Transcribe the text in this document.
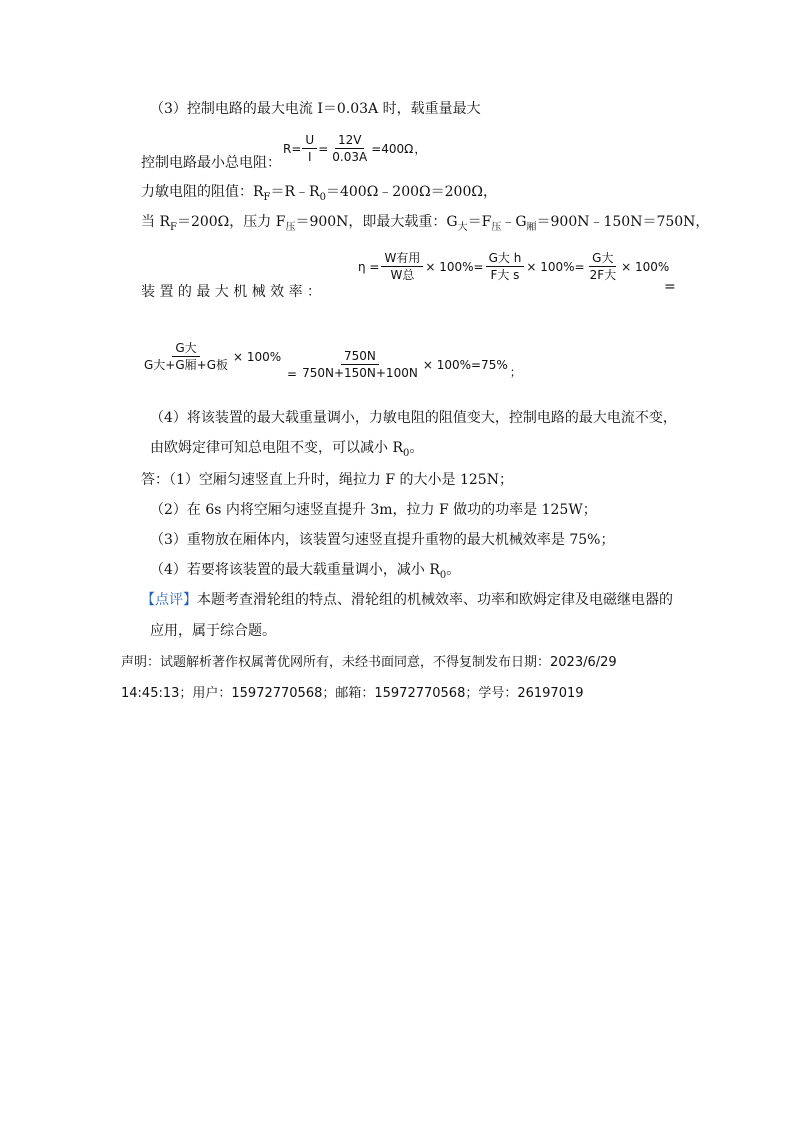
（3）控制电路的最大电流 I＝0.03A 时，载重量最大
控制电路最小总电阻：
$R= \frac{U}{I} = \frac{12V}{0.03A} =400\Omega$ ，
力敏电阻的阻值：$R_F=R﹣R_0=400\Omega﹣200\Omega=200\Omega$，
当 $R_F=200\Omega$，压力 $F_压=900N$，即最大载重：$G_大=F_压﹣G_厢=900N﹣150N=750N$，
装 置 的 最 大 机 械 效 率 ：
$\eta = \frac{\text{W有用}}{\text{W总}} \times 100\%= \frac{\text{G大 h}}{\text{F大 s}} \times 100\%= \frac{\text{G大}}{\text{2F大}} \times 100\%$
=
$\frac{\text{G大}}{\text{G大+G厢+G板}} \times 100\%$
= $\frac{750N}{750N+150N+100N} \times 100\%=75\%$
；
（4）将该装置的最大载重量调小，力敏电阻的阻值变大，控制电路的最大电流不变，
由欧姆定律可知总电阻不变，可以减小 $R_0$。
答：（1）空厢匀速竖直上升时，绳拉力 F 的大小是 125N；
（2）在 6s 内将空厢匀速竖直提升 3m，拉力 F 做功的功率是 125W；
（3）重物放在厢体内，该装置匀速竖直提升重物的最大机械效率是 75%；
（4）若要将该装置的最大载重量调小，减小 $R_0$。
【点评】本题考查滑轮组的特点、滑轮组的机械效率、功率和欧姆定律及电磁继电器的
应用，属于综合题。
声明：试题解析著作权属菁优网所有，未经书面同意，不得复制发布日期：2023/6/29
14:45:13；用户：15972770568；邮箱：15972770568；学号：26197019
